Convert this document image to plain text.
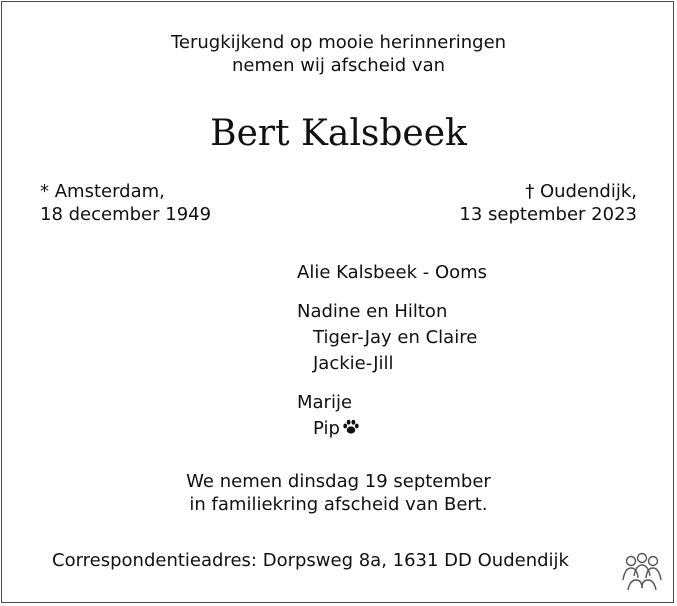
Terugkijkend op mooie herinneringen
nemen wij afscheid van
Bert Kalsbeek
* Amsterdam,
18 december 1949
† Oudendijk,
13 september 2023
Alie Kalsbeek - Ooms
Nadine en Hilton
Tiger-Jay en Claire
Jackie-Jill
Marije
Pip
We nemen dinsdag 19 september
in familiekring afscheid van Bert.
Correspondentieadres: Dorpsweg 8a, 1631 DD Oudendijk
